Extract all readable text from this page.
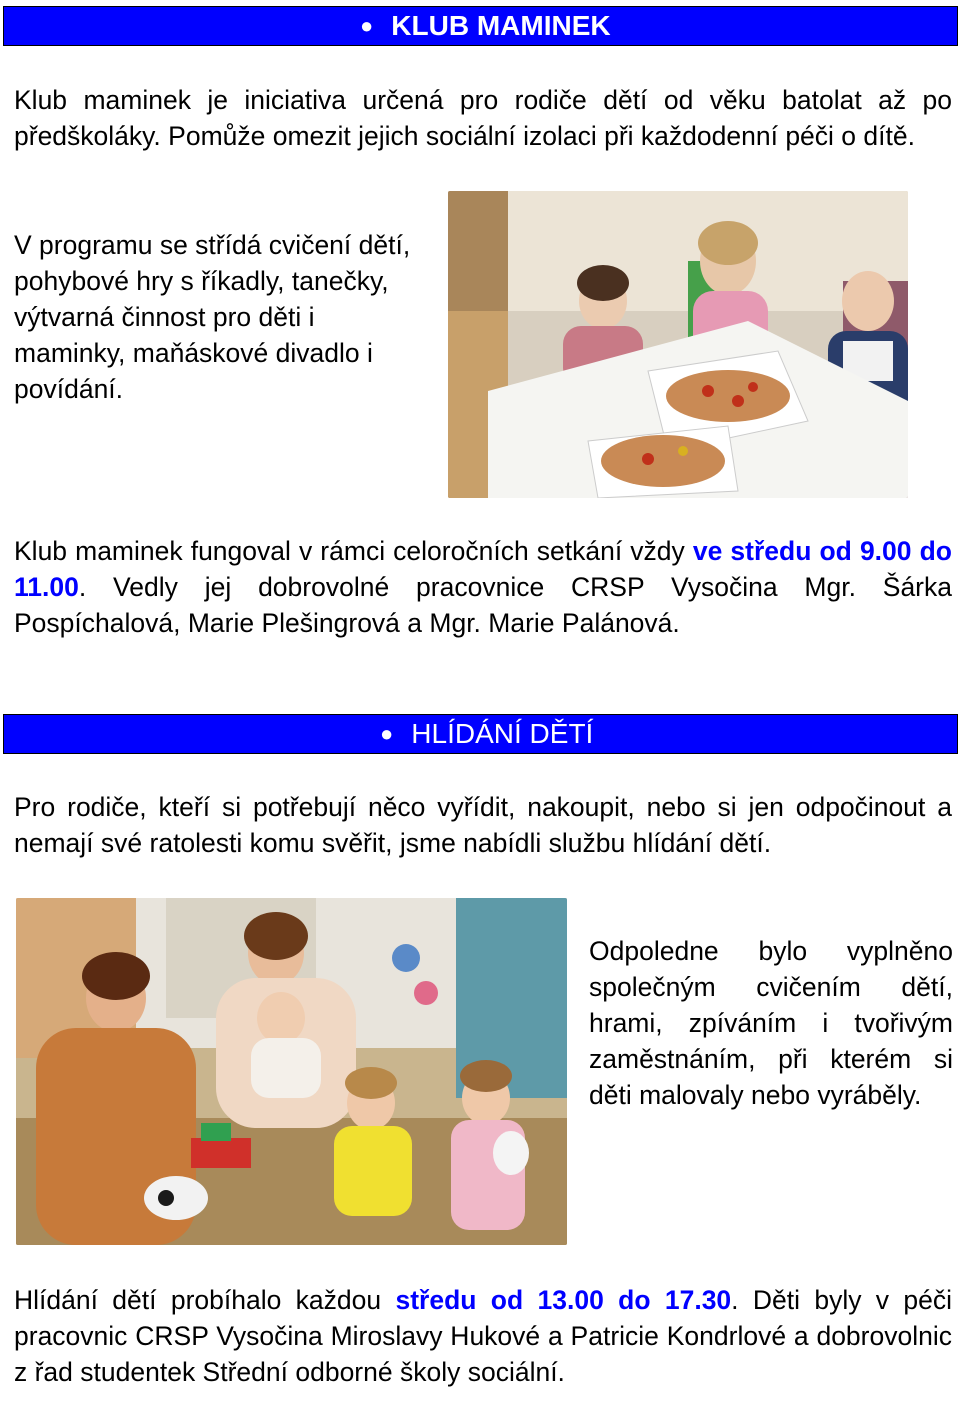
● KLUB MAMINEK

Klub maminek je iniciativa určená pro rodiče dětí od věku batolat až po předškoláky. Pomůže omezit jejich sociální izolaci při každodenní péči o dítě.

V programu se střídá cvičení dětí, pohybové hry s říkadly, tanečky, výtvarná činnost pro děti i maminky, maňáskové divadlo i povídání.

Klub maminek fungoval v rámci celoročních setkání vždy ve středu od 9.00 do 11.00. Vedly jej dobrovolné pracovnice CRSP Vysočina Mgr. Šárka Pospíchalová, Marie Plešingrová a Mgr. Marie Palánová.

● HLÍDÁNÍ DĚTÍ

Pro rodiče, kteří si potřebují něco vyřídit, nakoupit, nebo si jen odpočinout a nemají své ratolesti komu svěřit, jsme nabídli službu hlídání dětí.

Odpoledne bylo vyplněno společným cvičením dětí, hrami, zpíváním i tvořivým zaměstnáním, při kterém si děti malovaly nebo vyráběly.

Hlídání dětí probíhalo každou středu od 13.00 do 17.30. Děti byly v péči pracovnic CRSP Vysočina Miroslavy Hukové a Patricie Kondrlové a dobrovolnic z řad studentek Střední odborné školy sociální.
